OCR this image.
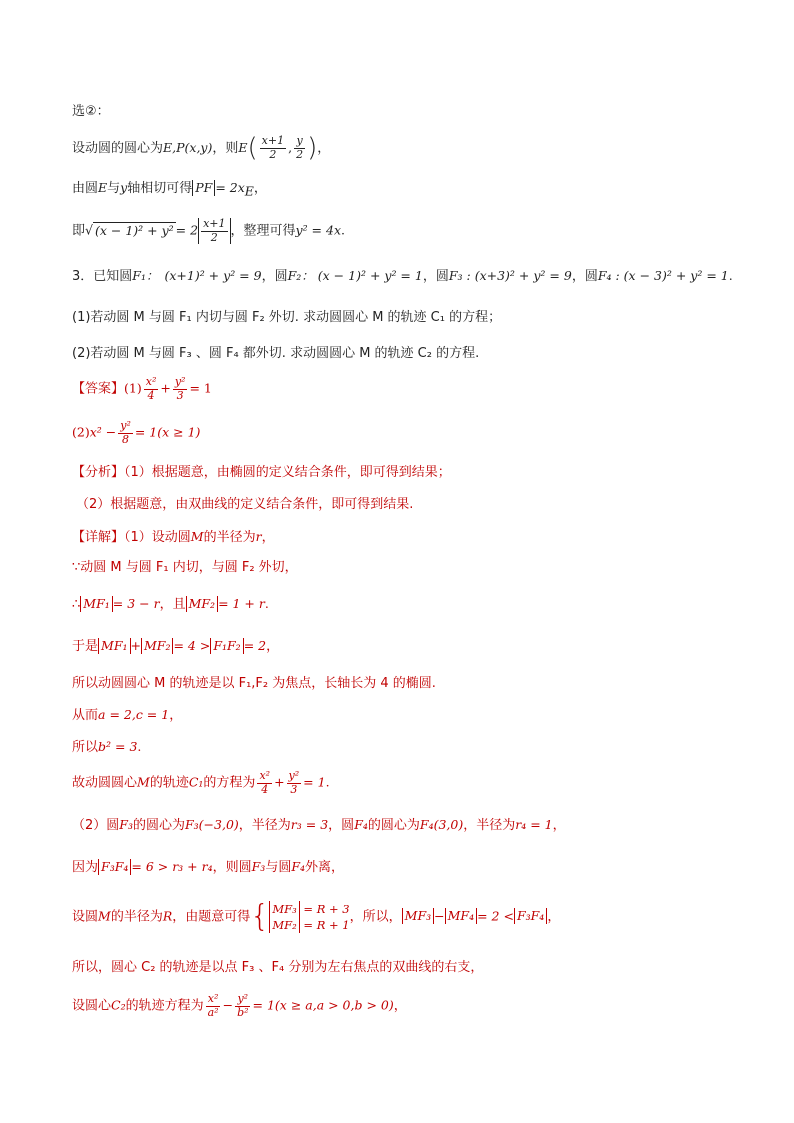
选②：
设动圆的圆心为E,P(x,y)，则$E( \frac{x+1}{2}$ , $\frac{y}{2}$ )，
由圆E与y轴相切可得 PF = $2x_E$，
即√ $(x - 1)^2 + y^2 = 2 \frac{x+1}{2}$ ，整理可得y² = 4x.
3．已知圆F₁： (x+1)² + y² = 9，圆F₂： (x − 1)² + y² = 1，圆F₃ : (x+3)² + y² = 9，圆F₄ : (x − 3)² + y² = 1.
(1)若动圆 M 与圆 F₁ 内切与圆 F₂ 外切. 求动圆圆心 M 的轨迹 C₁ 的方程；
(2)若动圆 M 与圆 F₃ 、圆 F₄ 都外切. 求动圆圆心 M 的轨迹 C₂ 的方程.
【答案】$(1) \frac{\text{x²}}{4} + \frac{\text{y²}}{3} = 1$
$(2)x^2 - \frac{\text{y²}}{8} = 1(x \ge 1)$
【分析】（1）根据题意，由椭圆的定义结合条件，即可得到结果；
（2）根据题意，由双曲线的定义结合条件，即可得到结果.
【详解】（1）设动圆M的半径为r，
∵动圆 M 与圆 F₁ 内切，与圆 F₂ 外切，
∴ MF₁ = 3 − r，且 MF₂ = 1 + r.
于是 MF₁ + MF₂ = 4 > F₁F₂ = 2，
所以动圆圆心 M 的轨迹是以 F₁,F₂ 为焦点，长轴长为 4 的椭圆.
从而a = 2,c = 1，
所以b² = 3.
故动圆圆心M的轨迹C₁的方程为 $\frac{\text{x²}}{4} + \frac{\text{y²}}{3} = 1$.
（2）圆F₃的圆心为F₃(−3,0)，半径为r₃ = 3，圆F₄的圆心为F₄(3,0)，半径为r₄ = 1，
因为 F₃F₄ = 6 > r₃ + r₄，则圆F₃与圆F₄外离，
设圆M的半径为R，由题意可得{ MF₃ = R + 3
MF₂ = R + 1
，所以， MF₃ − MF₄ = 2 < F₃F₄ ，
所以，圆心 C₂ 的轨迹是以点 F₃ 、F₄ 分别为左右焦点的双曲线的右支，
设圆心C₂的轨迹方程为 $\frac{\text{x²}}{\text{a²}} - \frac{\text{y²}}{\text{b²}} = 1(x \ge a,a > 0,b > 0)$，
